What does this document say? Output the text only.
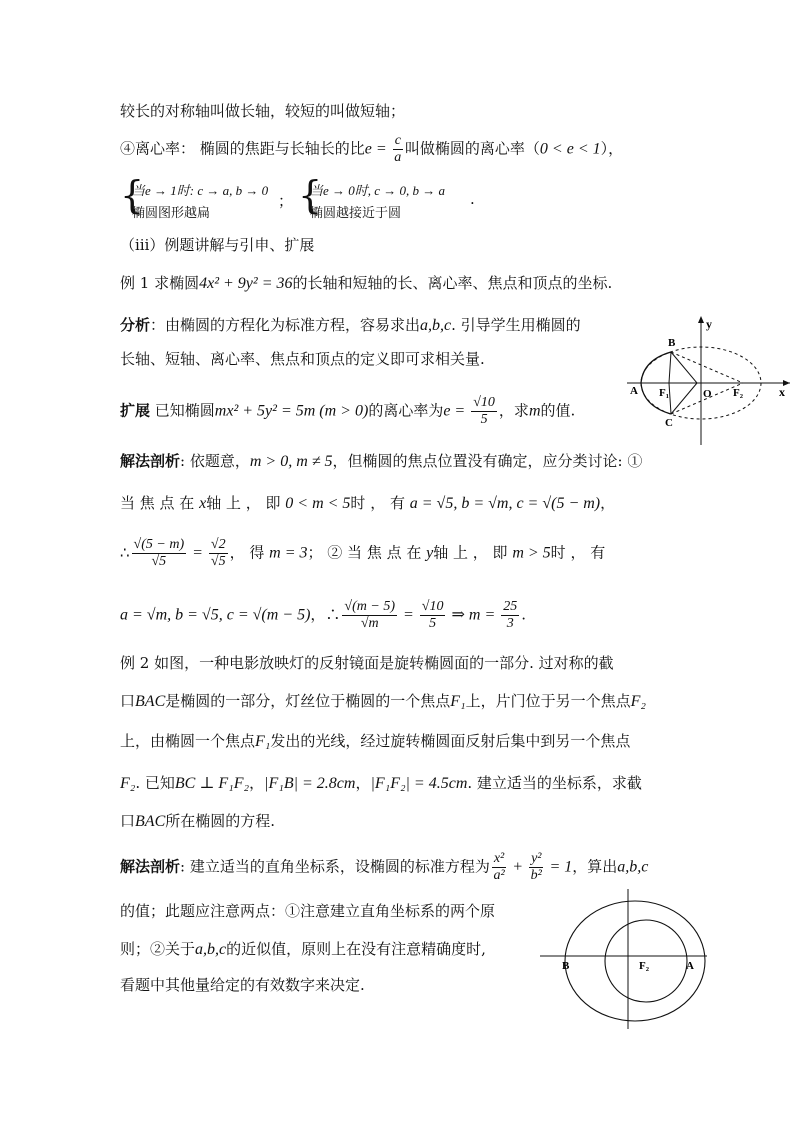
较长的对称轴叫做长轴，较短的叫做短轴；
④离心率： 椭圆的焦距与长轴长的比$e = \frac{c}{a}$ 叫做椭圆的离心率（0 < e < 1），
{
当e → 1时: c → a, b → 0
椭圆图形越扁
； {
当e → 0时, c → 0, b → a
椭圆越接近于圆
.
（ⅲ）例题讲解与引申、扩展
例 1 求椭圆4x² + 9y² = 36的长轴和短轴的长、离心率、焦点和顶点的坐标.
分析：由椭圆的方程化为标准方程，容易求出a,b,c. 引导学生用椭圆的
长轴、短轴、离心率、焦点和顶点的定义即可求相关量.
扩展 已知椭圆mx² + 5y² = 5m (m > 0)的离心率为$e = \frac{√10}{5}$ ，求m的值.
y
x
B
A
C
F₁	O F₂
解法剖析: 依题意，m > 0, m ≠ 5，但椭圆的焦点位置没有确定，应分类讨论: ①
当 焦 点 在 x轴 上 ， 即 0 < m < 5时 ， 有 a = √5, b = √m, c = √(5 − m)，
∴ $\frac{√(5 - m)}{√5} = \frac{√2}{√5}$ ， 得 m = 3； ② 当 焦 点 在 y轴 上 ， 即 m > 5时 ， 有
a = √m, b = √5, c = √(m − 5)，∴ $\frac{√(m - 5)}{√m} = \frac{√10}{5}$ ⇒ $m = \frac{25}{3}$ .
例 2 如图，一种电影放映灯的反射镜面是旋转椭圆面的一部分. 过对称的截
口BAC是椭圆的一部分，灯丝位于椭圆的一个焦点F₁上，片门位于另一个焦点F₂
上，由椭圆一个焦点F₁发出的光线，经过旋转椭圆面反射后集中到另一个焦点
F₂. 已知BC ⊥ F₁F₂，|F₁B| = 2.8cm，|F₁F₂| = 4.5cm. 建立适当的坐标系，求截
口BAC所在椭圆的方程.
解法剖析: 建立适当的直角坐标系，设椭圆的标准方程为 $\frac{\text{x²}}{\text{a²}} + \frac{\text{y²}}{\text{b²}} = 1$，算出a,b,c
的值；此题应注意两点：①注意建立直角坐标系的两个原
则；②关于a,b,c的近似值，原则上在没有注意精确度时,
看题中其他量给定的有效数字来决定.
B	F₂	A
